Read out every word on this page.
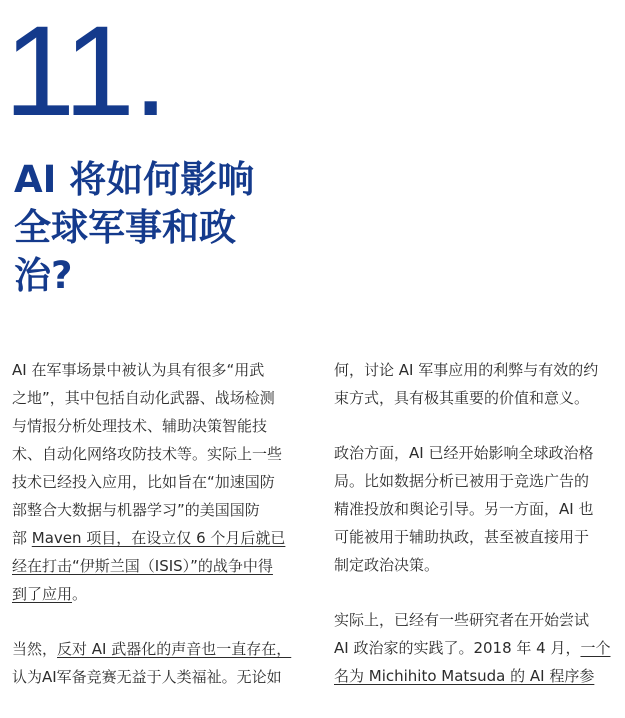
11.
AI 将如何影响
全球军事和政
治?

AI 在军事场景中被认为具有很多“用武
之地”，其中包括自动化武器、战场检测
与情报分析处理技术、辅助决策智能技
术、自动化网络攻防技术等。实际上一些
技术已经投入应用，比如旨在“加速国防
部整合大数据与机器学习”的美国国防
部 Maven 项目，在设立仅 6 个月后就已
经在打击“伊斯兰国（ISIS）”的战争中得
到了应用。

当然，反对 AI 武器化的声音也一直存在，
认为AI军备竞赛无益于人类福祉。无论如

何，讨论 AI 军事应用的利弊与有效的约
束方式，具有极其重要的价值和意义。

政治方面，AI 已经开始影响全球政治格
局。比如数据分析已被用于竞选广告的
精准投放和舆论引导。另一方面，AI 也
可能被用于辅助执政，甚至被直接用于
制定政治决策。

实际上，已经有一些研究者在开始尝试
AI 政治家的实践了。2018 年 4 月，一个
名为 Michihito Matsuda 的 AI 程序参
